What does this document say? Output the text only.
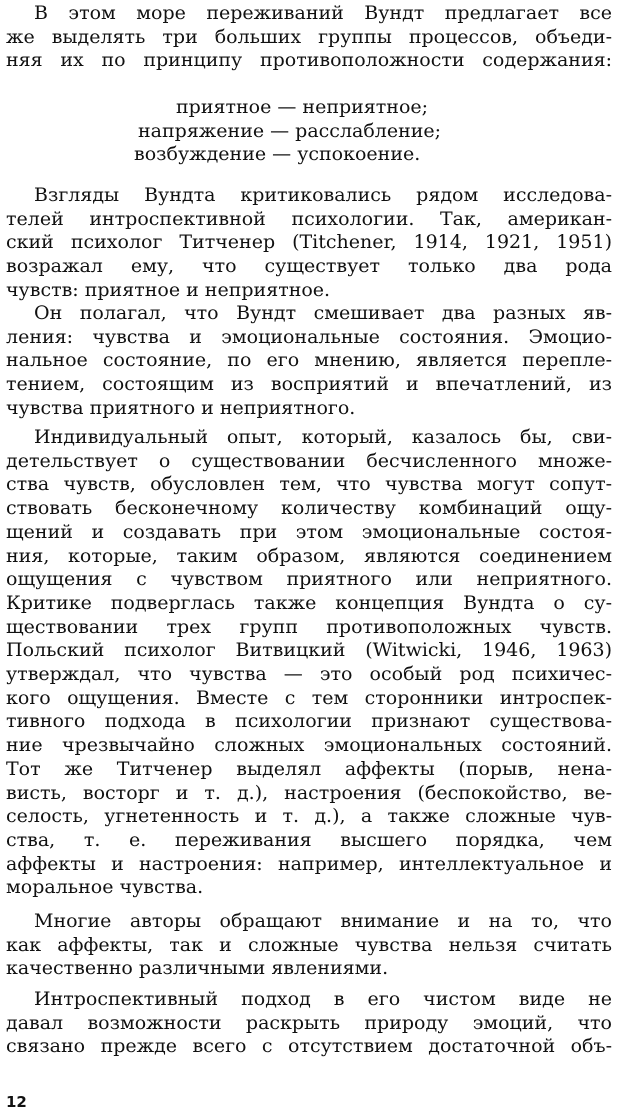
В этом море переживаний Вундт предлагает все
же выделять три больших группы процессов, объеди-
няя их по принципу противоположности содержания:
приятное — неприятное;
напряжение — расслабление;
возбуждение — успокоение.
Взгляды Вундта критиковались рядом исследова-
телей интроспективной психологии. Так, американ-
ский психолог Титченер (Titchener, 1914, 1921, 1951)
возражал ему, что существует только два рода
чувств: приятное и неприятное.
Он полагал, что Вундт смешивает два разных яв-
ления: чувства и эмоциональные состояния. Эмоцио-
нальное состояние, по его мнению, является перепле-
тением, состоящим из восприятий и впечатлений, из
чувства приятного и неприятного.
Индивидуальный опыт, который, казалось бы, сви-
детельствует о существовании бесчисленного множе-
ства чувств, обусловлен тем, что чувства могут сопут-
ствовать бесконечному количеству комбинаций ощу-
щений и создавать при этом эмоциональные состоя-
ния, которые, таким образом, являются соединением
ощущения с чувством приятного или неприятного.
Критике подверглась также концепция Вундта о су-
ществовании трех групп противоположных чувств.
Польский психолог Витвицкий (Witwicki, 1946, 1963)
утверждал, что чувства — это особый род психичес-
кого ощущения. Вместе с тем сторонники интроспек-
тивного подхода в психологии признают существова-
ние чрезвычайно сложных эмоциональных состояний.
Тот же Титченер выделял аффекты (порыв, нена-
висть, восторг и т. д.), настроения (беспокойство, ве-
селость, угнетенность и т. д.), а также сложные чув-
ства, т. е. переживания высшего порядка, чем
аффекты и настроения: например, интеллектуальное и
моральное чувства.
Многие авторы обращают внимание и на то, что
как аффекты, так и сложные чувства нельзя считать
качественно различными явлениями.
Интроспективный подход в его чистом виде не
давал возможности раскрыть природу эмоций, что
связано прежде всего с отсутствием достаточной объ-
12
